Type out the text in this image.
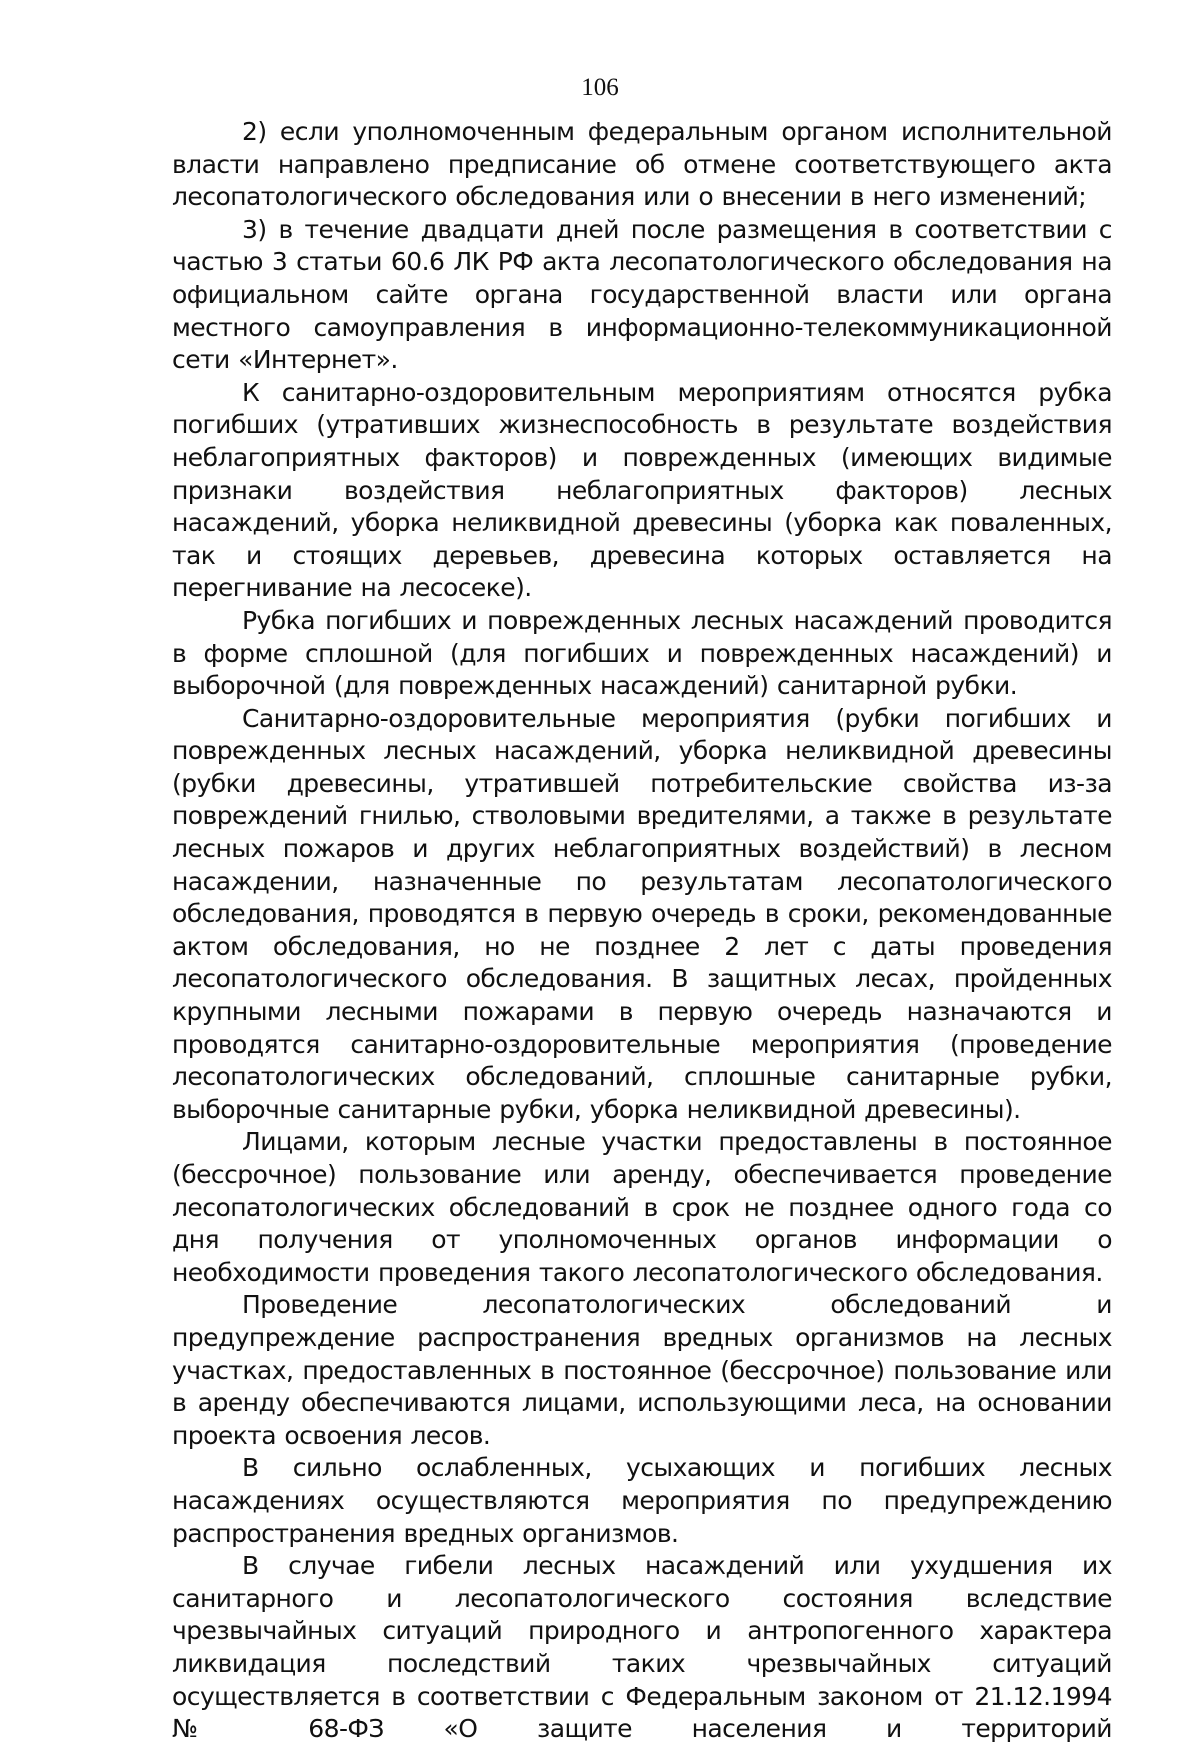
106

2) если уполномоченным федеральным органом исполнительной власти направлено предписание об отмене соответствующего акта лесопатологического обследования или о внесении в него изменений;

3) в течение двадцати дней после размещения в соответствии с частью 3 статьи 60.6 ЛК РФ акта лесопатологического обследования на официальном сайте органа государственной власти или органа местного самоуправления в информационно-телекоммуникационной сети «Интернет».

К санитарно-оздоровительным мероприятиям относятся рубка погибших (утративших жизнеспособность в результате воздействия неблагоприятных факторов) и поврежденных (имеющих видимые признаки воздействия неблагоприятных факторов) лесных насаждений, уборка неликвидной древесины (уборка как поваленных, так и стоящих деревьев, древесина которых оставляется на перегнивание на лесосеке).

Рубка погибших и поврежденных лесных насаждений проводится в форме сплошной (для погибших и поврежденных насаждений) и выборочной (для поврежденных насаждений) санитарной рубки.

Санитарно-оздоровительные мероприятия (рубки погибших и поврежденных лесных насаждений, уборка неликвидной древесины (рубки древесины, утратившей потребительские свойства из-за повреждений гнилью, стволовыми вредителями, а также в результате лесных пожаров и других неблагоприятных воздействий) в лесном насаждении, назначенные по результатам лесопатологического обследования, проводятся в первую очередь в сроки, рекомендованные актом обследования, но не позднее 2 лет с даты проведения лесопатологического обследования. В защитных лесах, пройденных крупными лесными пожарами в первую очередь назначаются и проводятся санитарно-оздоровительные мероприятия (проведение лесопатологических обследований, сплошные санитарные рубки, выборочные санитарные рубки, уборка неликвидной древесины).

Лицами, которым лесные участки предоставлены в постоянное (бессрочное) пользование или аренду, обеспечивается проведение лесопатологических обследований в срок не позднее одного года со дня получения от уполномоченных органов информации о необходимости проведения такого лесопатологического обследования.

Проведение лесопатологических обследований и предупреждение распространения вредных организмов на лесных участках, предоставленных в постоянное (бессрочное) пользование или в аренду обеспечиваются лицами, использующими леса, на основании проекта освоения лесов.

В сильно ослабленных, усыхающих и погибших лесных насаждениях осуществляются мероприятия по предупреждению распространения вредных организмов.

В случае гибели лесных насаждений или ухудшения их санитарного и лесопатологического состояния вследствие чрезвычайных ситуаций природного и антропогенного характера ликвидация последствий таких чрезвычайных ситуаций осуществляется в соответствии с Федеральным законом от 21.12.1994 № 68-ФЗ «О защите населения и территорий
